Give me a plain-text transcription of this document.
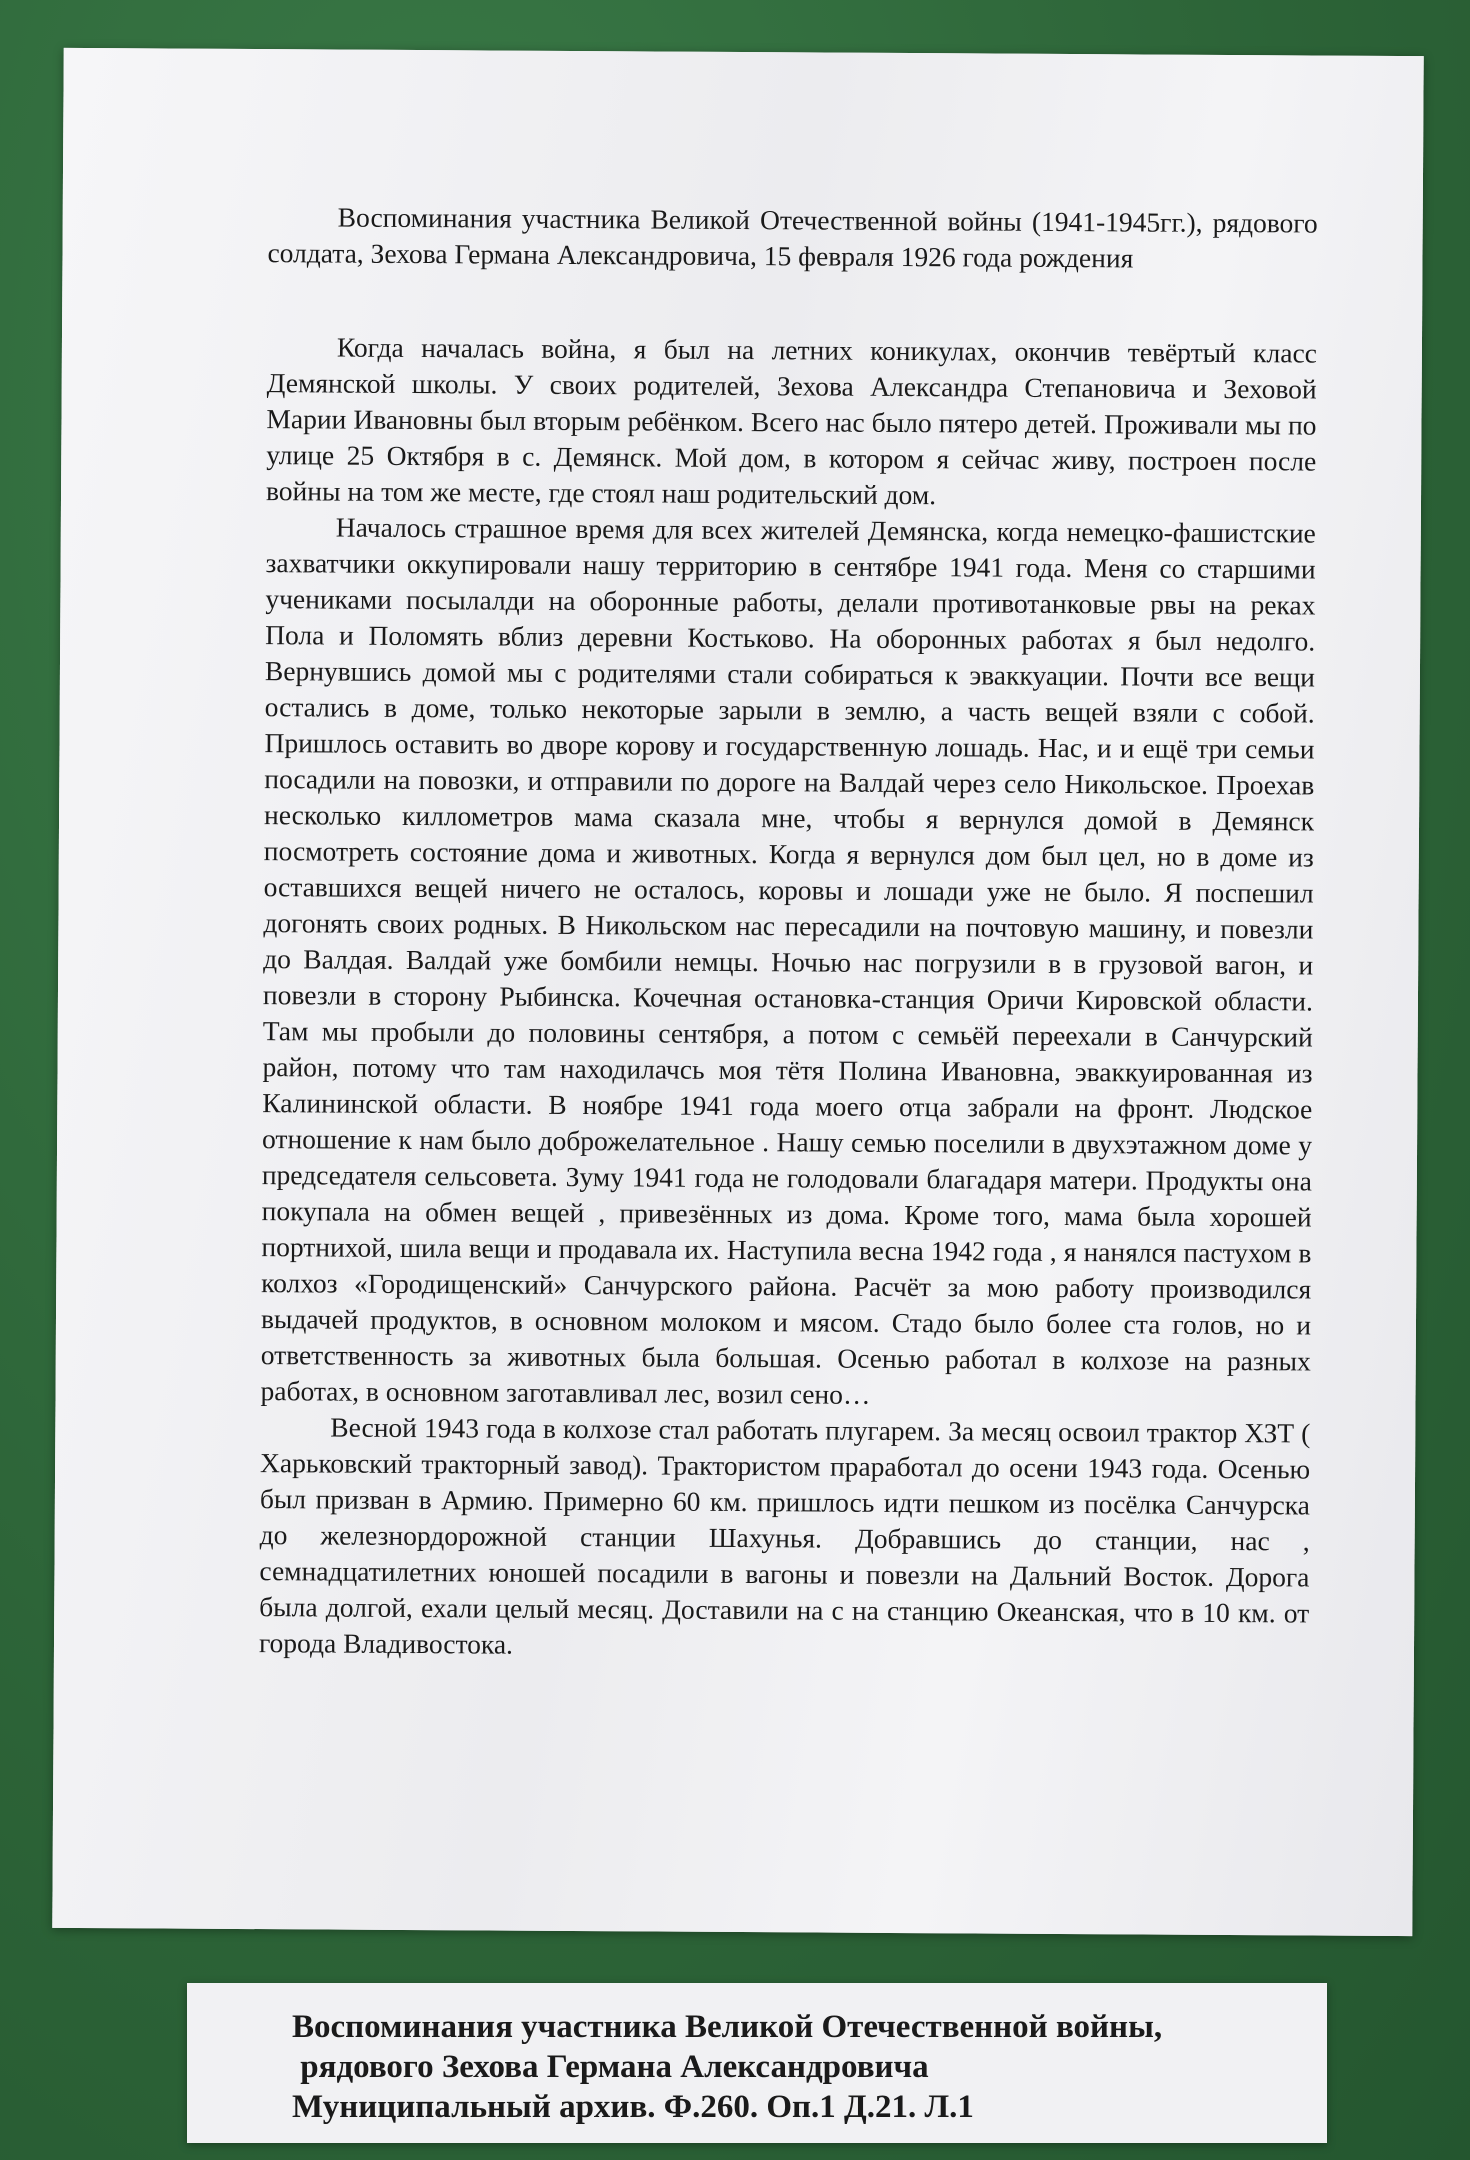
Воспоминания участника Великой Отечественной войны (1941-1945гг.), рядового солдата, Зехова Германа Александровича, 15 февраля 1926 года рождения

Когда началась война, я был на летних коникулах, окончив тевёртый класс Демянской школы. У своих родителей, Зехова Александра Степановича и Зеховой Марии Ивановны был вторым ребёнком. Всего нас было пятеро детей. Проживали мы по улице 25 Октября в с. Демянск. Мой дом, в котором я сейчас живу, построен после войны на том же месте, где стоял наш родительский дом.

Началось страшное время для всех жителей Демянска, когда немецко-фашистские захватчики оккупировали нашу территорию в сентябре 1941 года. Меня со старшими учениками посылалди на оборонные работы, делали противотанковые рвы на реках Пола и Поломять вблиз деревни Костьково. На оборонных работах я был недолго. Вернувшись домой мы с родителями стали собираться к эваккуации. Почти все вещи остались в доме, только некоторые зарыли в землю, а часть вещей взяли с собой. Пришлось оставить во дворе корову и государственную лошадь. Нас, и и ещё три семьи посадили на повозки, и отправили по дороге на Валдай через село Никольское. Проехав несколько киллометров мама сказала мне, чтобы я вернулся домой в Демянск посмотреть состояние дома и животных. Когда я вернулся дом был цел, но в доме из оставшихся вещей ничего не осталось, коровы и лошади уже не было. Я поспешил догонять своих родных. В Никольском нас пересадили на почтовую машину, и повезли до Валдая. Валдай уже бомбили немцы. Ночью нас погрузили в в грузовой вагон, и повезли в сторону Рыбинска. Кочечная остановка-станция Оричи Кировской области. Там мы пробыли до половины сентября, а потом с семьёй переехали в Санчурский район, потому что там находилачсь моя тётя Полина Ивановна, эваккуированная из Калининской области. В ноябре 1941 года моего отца забрали на фронт. Людское отношение к нам было доброжелательное . Нашу семью поселили в двухэтажном доме у председателя сельсовета. Зуму 1941 года не голодовали благадаря матери. Продукты она покупала на обмен вещей , привезённых из дома. Кроме того, мама была хорошей портнихой, шила вещи и продавала их. Наступила весна 1942 года , я нанялся пастухом в колхоз «Городищенский» Санчурского района. Расчёт за мою работу производился выдачей продуктов, в основном молоком и мясом. Стадо было более ста голов, но и ответственность за животных была большая. Осенью работал в колхозе на разных работах, в основном заготавливал лес, возил сено…

Весной 1943 года в колхозе стал работать плугарем. За месяц освоил трактор ХЗТ ( Харьковский тракторный завод). Трактористом праработал до осени 1943 года. Осенью был призван в Армию. Примерно 60 км. пришлось идти пешком из посёлка Санчурска до железнордорожной станции Шахунья. Добравшись до станции, нас , семнадцатилетних юношей посадили в вагоны и повезли на Дальний Восток. Дорога была долгой, ехали целый месяц. Доставили на с на станцию Океанская, что в 10 км. от города Владивостока.

Воспоминания участника Великой Отечественной войны,
рядового Зехова Германа Александровича
Муниципальный архив. Ф.260. Оп.1 Д.21. Л.1
